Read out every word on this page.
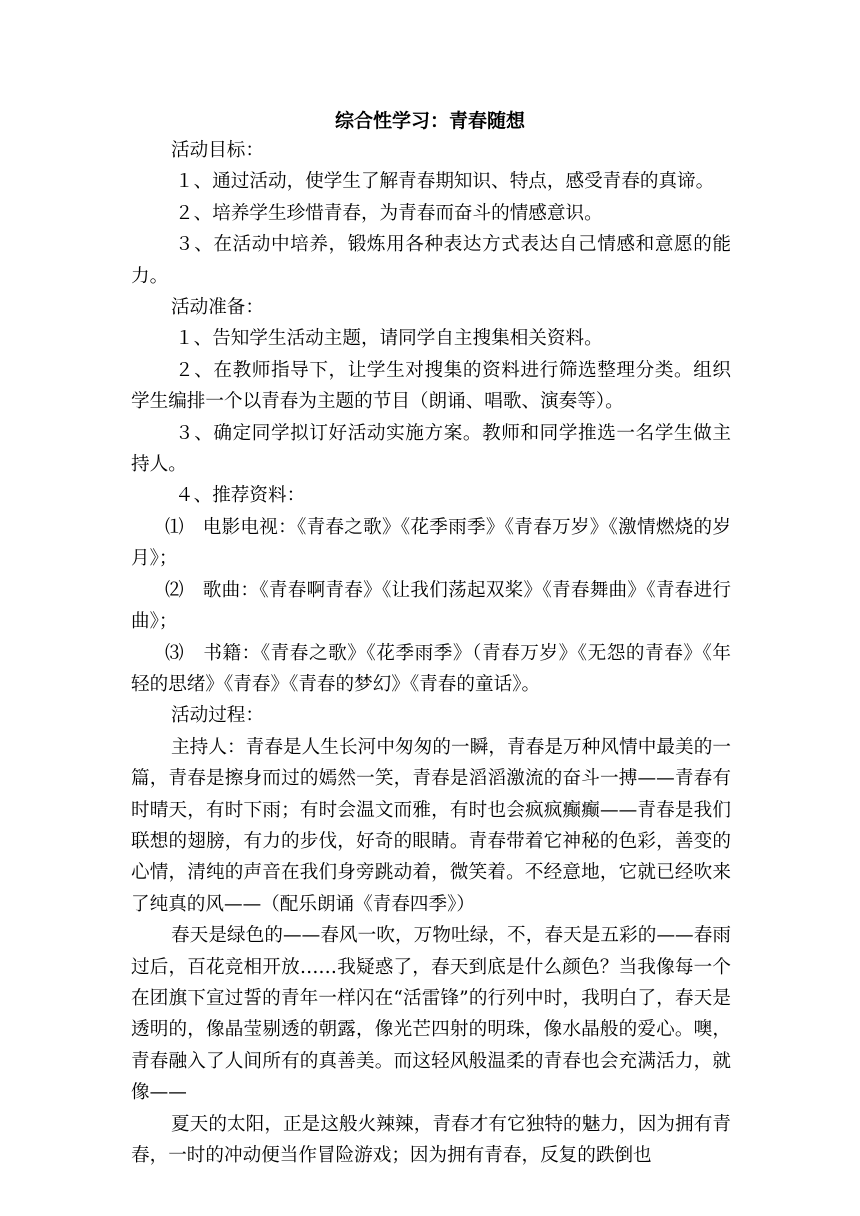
综合性学习：青春随想

活动目标：

１、通过活动，使学生了解青春期知识、特点，感受青春的真谛。

２、培养学生珍惜青春，为青春而奋斗的情感意识。

３、在活动中培养，锻炼用各种表达方式表达自己情感和意愿的能力。

活动准备：

１、告知学生活动主题，请同学自主搜集相关资料。

２、在教师指导下，让学生对搜集的资料进行筛选整理分类。组织学生编排一个以青春为主题的节目（朗诵、唱歌、演奏等）。

３、确定同学拟订好活动实施方案。教师和同学推选一名学生做主持人。

４、推荐资料：

⑴　电影电视：《青春之歌》《花季雨季》《青春万岁》《激情燃烧的岁月》；

⑵　歌曲：《青春啊青春》《让我们荡起双桨》《青春舞曲》《青春进行曲》；

⑶　书籍：《青春之歌》《花季雨季》（青春万岁》《无怨的青春》《年轻的思绪》《青春》《青春的梦幻》《青春的童话》。

活动过程：

主持人：青春是人生长河中匆匆的一瞬，青春是万种风情中最美的一篇，青春是擦身而过的嫣然一笑，青春是滔滔激流的奋斗一搏——青春有时晴天，有时下雨；有时会温文而雅，有时也会疯疯癫癫——青春是我们联想的翅膀，有力的步伐，好奇的眼睛。青春带着它神秘的色彩，善变的心情，清纯的声音在我们身旁跳动着，微笑着。不经意地，它就已经吹来了纯真的风——（配乐朗诵《青春四季》）

春天是绿色的——春风一吹，万物吐绿，不，春天是五彩的——春雨过后，百花竞相开放……我疑惑了，春天到底是什么颜色？当我像每一个在团旗下宣过誓的青年一样闪在“活雷锋”的行列中时，我明白了，春天是透明的，像晶莹剔透的朝露，像光芒四射的明珠，像水晶般的爱心。噢，青春融入了人间所有的真善美。而这轻风般温柔的青春也会充满活力，就像——

夏天的太阳，正是这般火辣辣，青春才有它独特的魅力，因为拥有青春，一时的冲动便当作冒险游戏；因为拥有青春，反复的跌倒也
